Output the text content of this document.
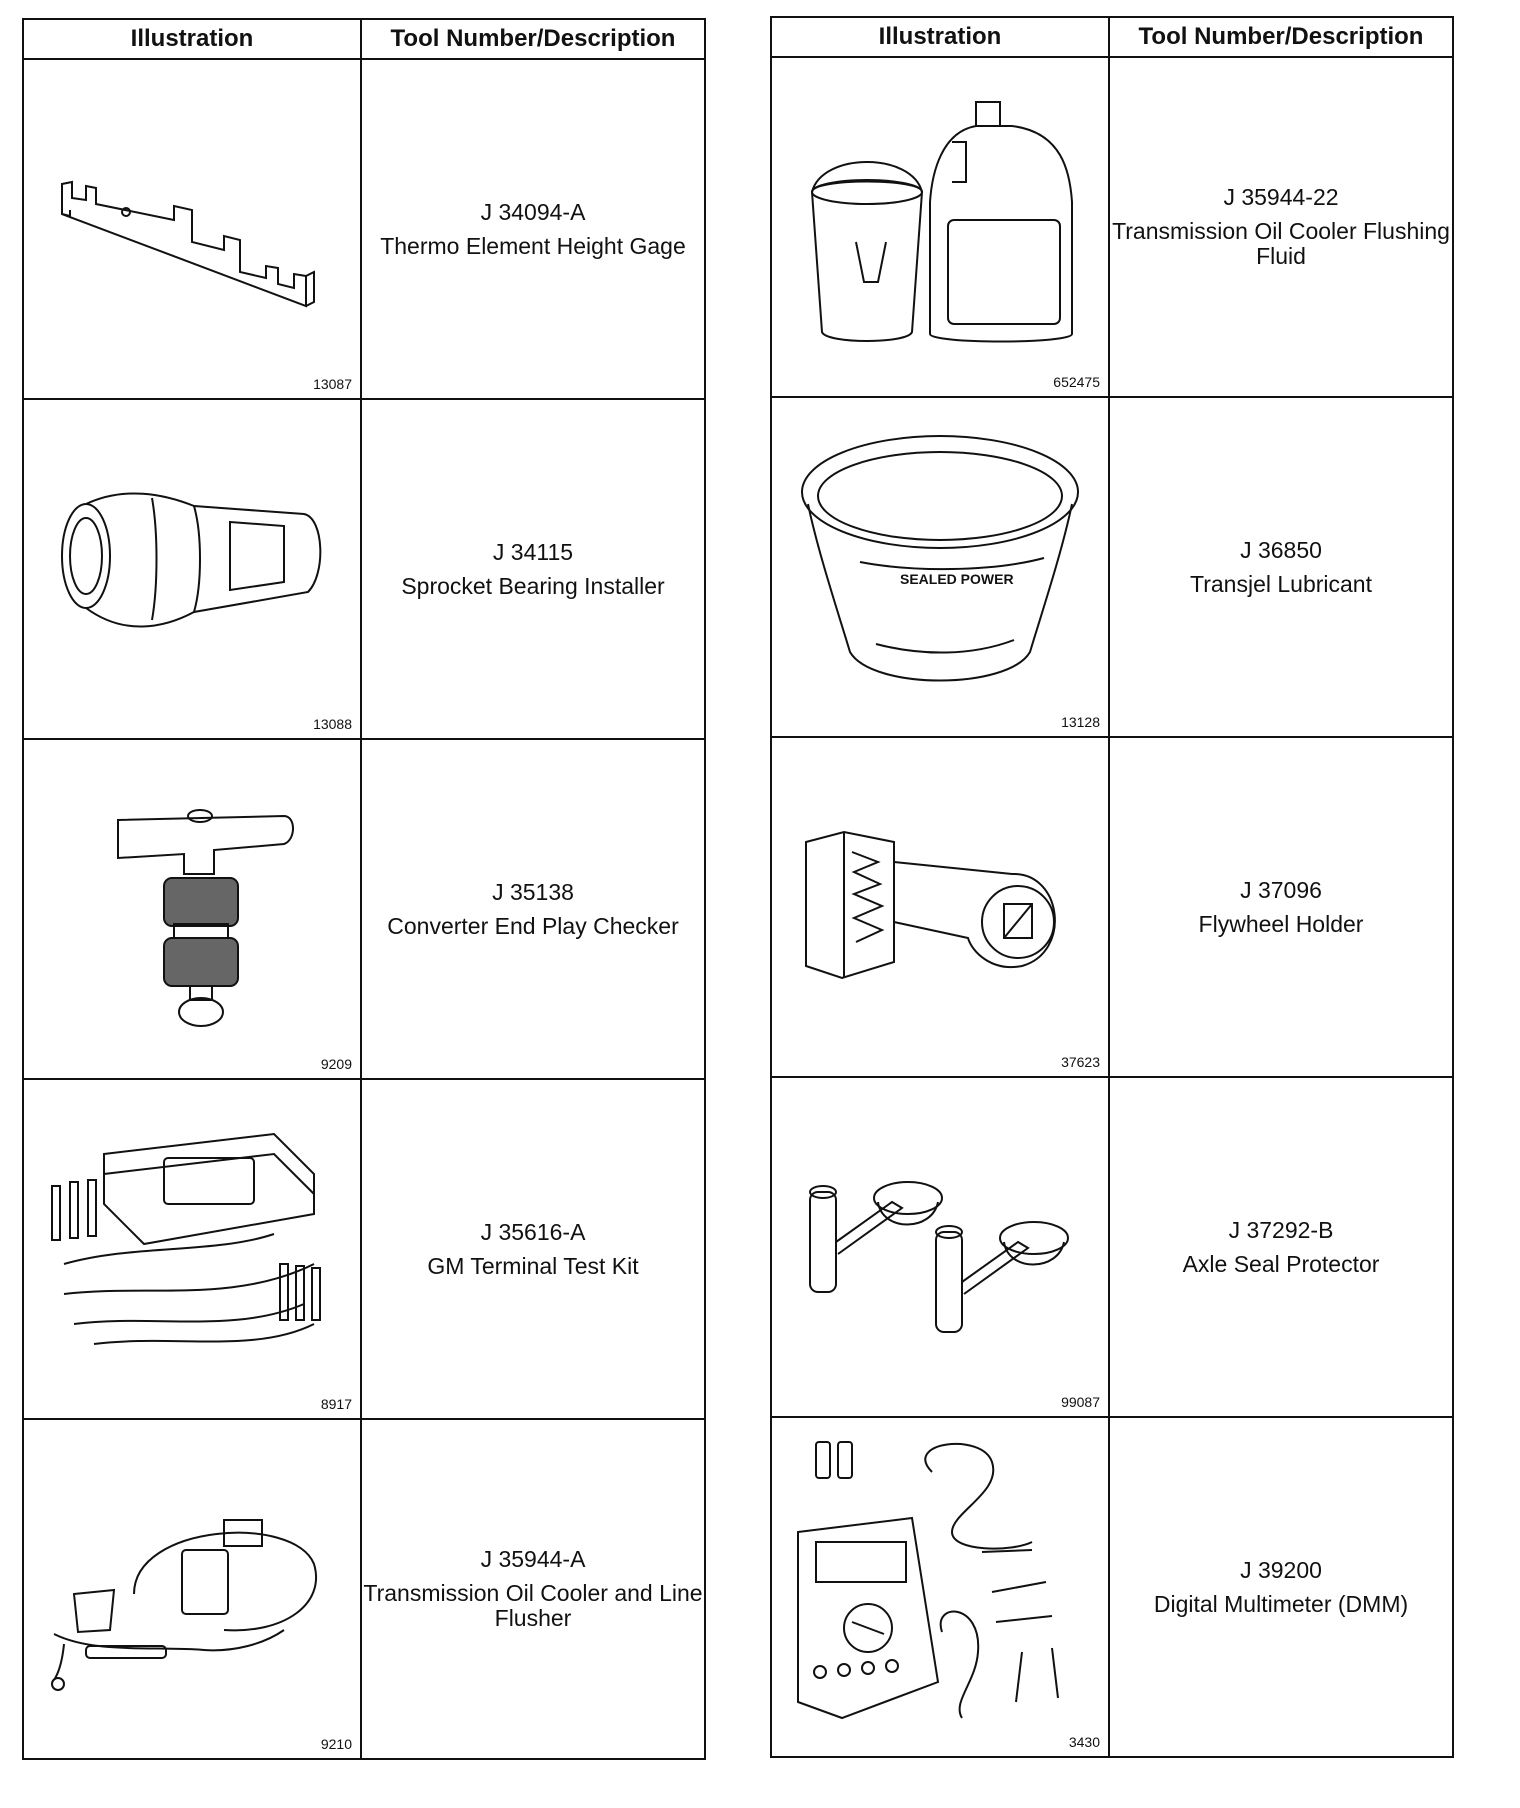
Illustration	Tool Number/Description

13087	J 34094-A
Thermo Element Height Gage

13088	J 34115
Sprocket Bearing Installer

9209	J 35138
Converter End Play Checker

8917	J 35616-A
GM Terminal Test Kit

9210	J 35944-A
Transmission Oil Cooler and Line Flusher
Illustration	Tool Number/Description

652475	J 35944-22
Transmission Oil Cooler Flushing Fluid

SEALED POWER
13128	J 36850
Transjel Lubricant

37623	J 37096
Flywheel Holder

99087	J 37292-B
Axle Seal Protector

3430	J 39200
Digital Multimeter (DMM)
